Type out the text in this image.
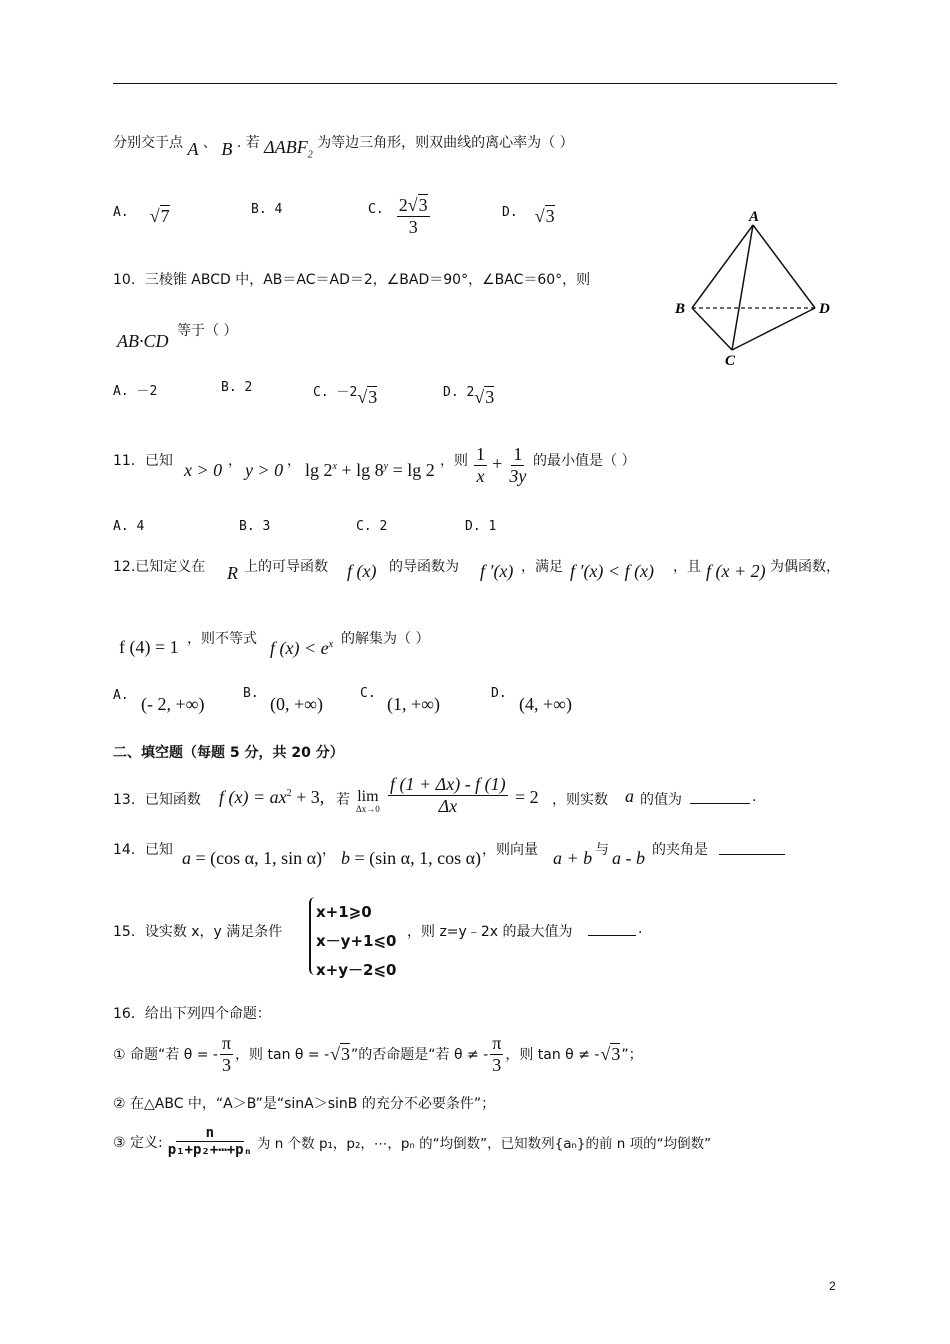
分别交于点 A 、 B . 若 $\Delta ABF_2$ 为等边三角形，则双曲线的离心率为（ ）
A. √7	B. 4	$^{C.} \frac{2√3}{3}$	D. √3	A
B
C
D
10．三棱锥 ABCD 中，AB＝AC＝AD＝2，∠BAD＝90°，∠BAC＝60°，则
AB·CD 等于（ ）
A. －2	B. 2	C. －2√3	D. 2√3
11．已知 x > 0 ， y > 0 ， $\lg 2^x + \lg 8^y = \lg 2$ ，则 $\frac{1}{x} + \frac{1}{3y}$ 的最小值是（ ）
A. 4	B. 3	C. 2	D. 1
12.已知定义在 R 上的可导函数 f (x) 的导函数为 f ′(x) ，满足 f ′(x) < f (x) ，且 f (x + 2) 为偶函数，
f (4) = 1 ，则不等式 f $(x) < e^x$ 的解集为（ ）
A. (- 2, +∞)
B.
(0, +∞)
C.
(1, +∞)
D.
(4, +∞)
二、填空题（每题 5 分，共 20 分）
13．已知函数 f $(x) = ax^2 + 3$, 若 lim
$\Delta x\to 0 \frac{f (1 + \Delta x) - f (1)}{\Delta x} = 2$ ，则实数 a 的值为	.
14．已知 a = (cos α, 1, sin α) ， b = (sin α, 1, cos α) ，则向量 a + b 与 a - b 的夹角是
15．设实数 x，y 满足条件
x+1⩾0
x－y+1⩽0
x+y－2⩽0
，则 z=y﹣2x 的最大值为	.
16．给出下列四个命题：
① 命题“若 θ = - $\frac{\pi}{3}$ ，则 tan θ = - √3 ”的否命题是“若 θ ≠ - $\frac{\pi}{3}$ ，则 tan θ ≠ - √3 ”；
② 在△ABC 中，“A＞B”是“sinA＞sinB 的充分不必要条件”；
③ 定义: $\frac{n}{\text{p₁+p₂+⋯+pₙ}}$ 为 n 个数 p₁，p₂，⋯，pₙ 的“均倒数”，已知数列{aₙ}的前 n 项的“均倒数”
2
